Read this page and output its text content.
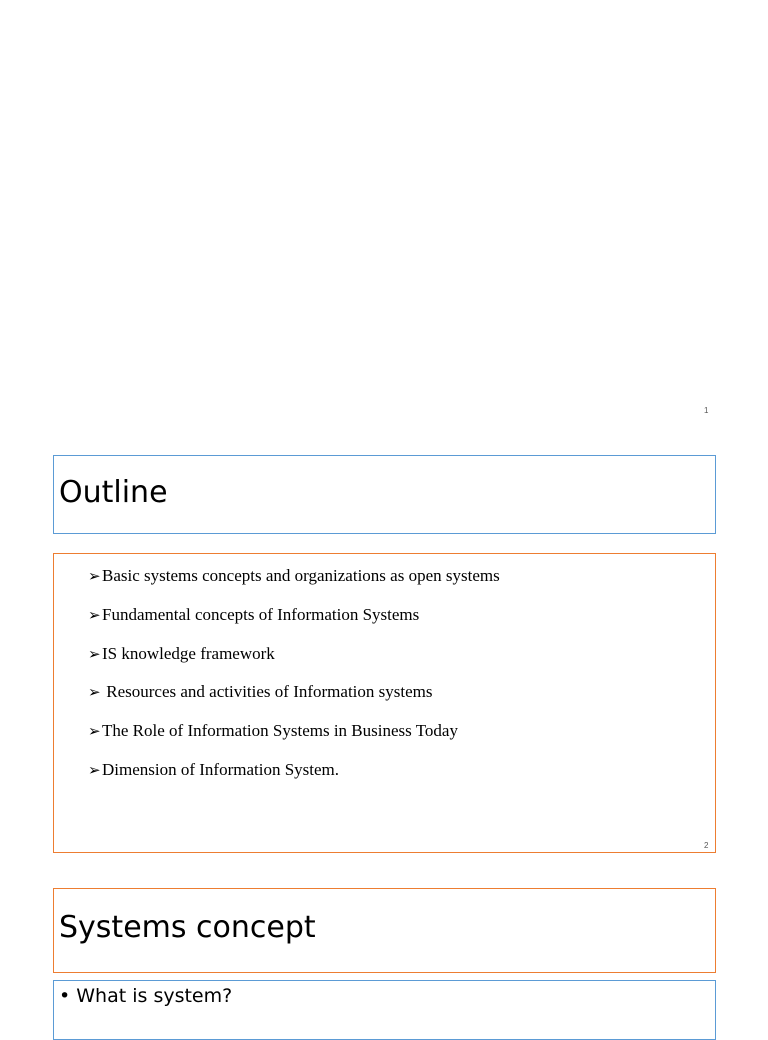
1
Outline
➢Basic systems concepts and organizations as open systems
➢Fundamental concepts of Information Systems
➢IS knowledge framework
➢ Resources and activities of Information systems
➢The Role of Information Systems in Business Today
➢Dimension of Information System.
2
Systems concept
• What is system?
